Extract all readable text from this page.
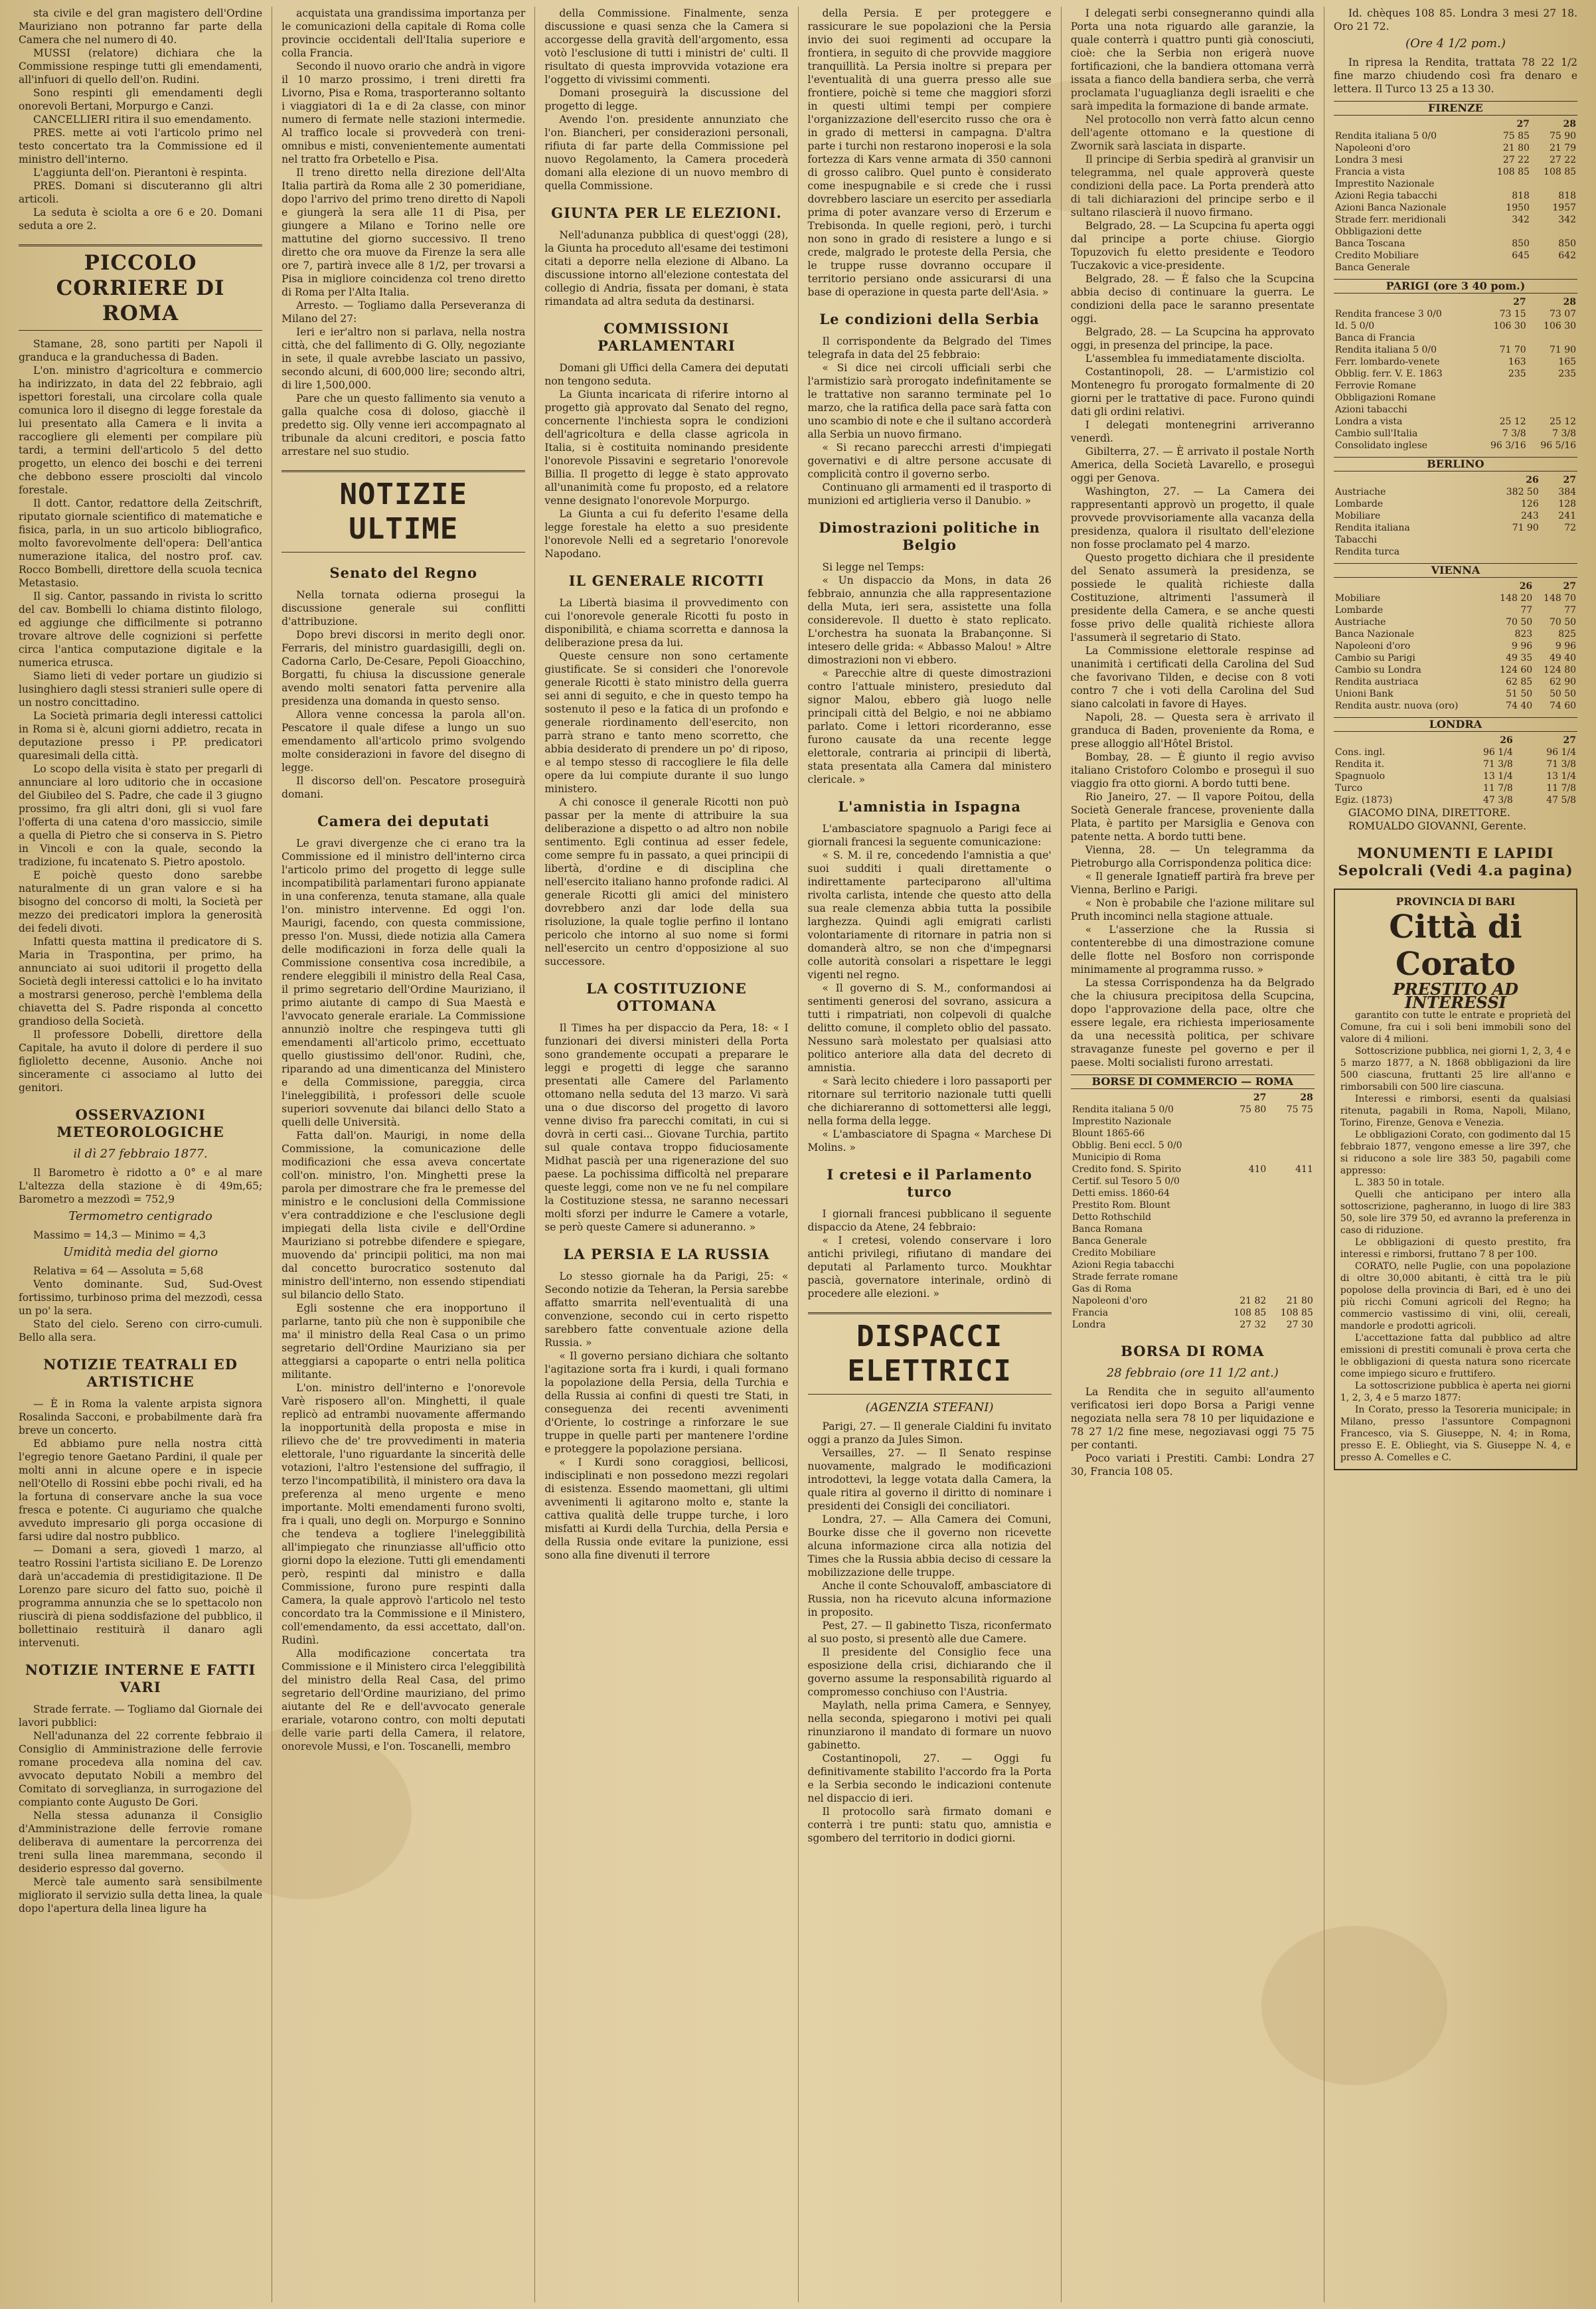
sta civile e del gran magistero dell'Ordine Mauriziano non potranno far parte della Camera che nel numero di 40.

MUSSI (relatore) dichiara che la Commissione respinge tutti gli emendamenti, all'infuori di quello dell'on. Rudini.

Sono respinti gli emendamenti degli onorevoli Bertani, Morpurgo e Canzi.

CANCELLIERI ritira il suo emendamento.

PRES. mette ai voti l'articolo primo nel testo concertato tra la Commissione ed il ministro dell'interno.

L'aggiunta dell'on. Pierantoni è respinta.

PRES. Domani si discuteranno gli altri articoli.

La seduta è sciolta a ore 6 e 20. Domani seduta a ore 2.

PICCOLO CORRIERE DI ROMA

Stamane, 28, sono partiti per Napoli il granduca e la granduchessa di Baden.

L'on. ministro d'agricoltura e commercio ha indirizzato, in data del 22 febbraio, agli ispettori forestali, una circolare colla quale comunica loro il disegno di legge forestale da lui presentato alla Camera e li invita a raccogliere gli elementi per compilare più tardi, a termini dell'articolo 5 del detto progetto, un elenco dei boschi e dei terreni che debbono essere prosciolti dal vincolo forestale.

Il dott. Cantor, redattore della Zeitschrift, riputato giornale scientifico di matematiche e fisica, parla, in un suo articolo bibliografico, molto favorevolmente dell'opera: Dell'antica numerazione italica, del nostro prof. cav. Rocco Bombelli, direttore della scuola tecnica Metastasio.

Il sig. Cantor, passando in rivista lo scritto del cav. Bombelli lo chiama distinto filologo, ed aggiunge che difficilmente si potranno trovare altrove delle cognizioni si perfette circa l'antica computazione digitale e la numerica etrusca.

Siamo lieti di veder portare un giudizio si lusinghiero dagli stessi stranieri sulle opere di un nostro concittadino.

La Società primaria degli interessi cattolici in Roma si è, alcuni giorni addietro, recata in deputazione presso i PP. predicatori quaresimali della città.

Lo scopo della visita è stato per pregarli di annunciare al loro uditorio che in occasione del Giubileo del S. Padre, che cade il 3 giugno prossimo, fra gli altri doni, gli si vuol fare l'offerta di una catena d'oro massiccio, simile a quella di Pietro che si conserva in S. Pietro in Vincoli e con la quale, secondo la tradizione, fu incatenato S. Pietro apostolo.

E poichè questo dono sarebbe naturalmente di un gran valore e si ha bisogno del concorso di molti, la Società per mezzo dei predicatori implora la generosità dei fedeli divoti.

Infatti questa mattina il predicatore di S. Maria in Traspontina, per primo, ha annunciato ai suoi uditorii il progetto della Società degli interessi cattolici e lo ha invitato a mostrarsi generoso, perchè l'emblema della chiavetta del S. Padre risponda al concetto grandioso della Società.

Il professore Dobelli, direttore della Capitale, ha avuto il dolore di perdere il suo figlioletto decenne, Ausonio. Anche noi sinceramente ci associamo al lutto dei genitori.

OSSERVAZIONI METEOROLOGICHE
il dì 27 febbraio 1877.

Il Barometro è ridotto a 0° e al mare L'altezza della stazione è di 49m,65; Barometro a mezzodì = 752,9

Termometro centigrado

Massimo = 14,3 — Minimo = 4,3

Umidità media del giorno

Relativa = 64 — Assoluta = 5,68

Vento dominante. Sud, Sud-Ovest fortissimo, turbinoso prima del mezzodì, cessa un po' la sera.

Stato del cielo. Sereno con cirro-cumuli. Bello alla sera.

NOTIZIE TEATRALI ED ARTISTICHE

— È in Roma la valente arpista signora Rosalinda Sacconi, e probabilmente darà fra breve un concerto.

Ed abbiamo pure nella nostra città l'egregio tenore Gaetano Pardini, il quale per molti anni in alcune opere e in ispecie nell'Otello di Rossini ebbe pochi rivali, ed ha la fortuna di conservare anche la sua voce fresca e potente. Ci auguriamo che qualche avveduto impresario gli porga occasione di farsi udire dal nostro pubblico.

— Domani a sera, giovedì 1 marzo, al teatro Rossini l'artista siciliano E. De Lorenzo darà un'accademia di prestidigitazione. Il De Lorenzo pare sicuro del fatto suo, poichè il programma annunzia che se lo spettacolo non riuscirà di piena soddisfazione del pubblico, il bollettinaio restituirà il danaro agli intervenuti.

NOTIZIE INTERNE E FATTI VARI

Strade ferrate. — Togliamo dal Giornale dei lavori pubblici:

Nell'adunanza del 22 corrente febbraio il Consiglio di Amministrazione delle ferrovie romane procedeva alla nomina del cav. avvocato deputato Nobili a membro del Comitato di sorveglianza, in surrogazione del compianto conte Augusto De Gori.

Nella stessa adunanza il Consiglio d'Amministrazione delle ferrovie romane deliberava di aumentare la percorrenza dei treni sulla linea maremmana, secondo il desiderio espresso dal governo.

Mercè tale aumento sarà sensibilmente migliorato il servizio sulla detta linea, la quale dopo l'apertura della linea ligure ha

acquistata una grandissima importanza per le comunicazioni della capitale di Roma colle provincie occidentali dell'Italia superiore e colla Francia.

Secondo il nuovo orario che andrà in vigore il 10 marzo prossimo, i treni diretti fra Livorno, Pisa e Roma, trasporteranno soltanto i viaggiatori di 1a e di 2a classe, con minor numero di fermate nelle stazioni intermedie. Al traffico locale si provvederà con treni-omnibus e misti, convenientemente aumentati nel tratto fra Orbetello e Pisa.

Il treno diretto nella direzione dell'Alta Italia partirà da Roma alle 2 30 pomeridiane, dopo l'arrivo del primo treno diretto di Napoli e giungerà la sera alle 11 di Pisa, per giungere a Milano e Torino nelle ore mattutine del giorno successivo. Il treno diretto che ora muove da Firenze la sera alle ore 7, partirà invece alle 8 1/2, per trovarsi a Pisa in migliore coincidenza col treno diretto di Roma per l'Alta Italia.

Arresto. — Togliamo dalla Perseveranza di Milano del 27:

Ieri e ier'altro non si parlava, nella nostra città, che del fallimento di G. Olly, negoziante in sete, il quale avrebbe lasciato un passivo, secondo alcuni, di 600,000 lire; secondo altri, di lire 1,500,000.

Pare che un questo fallimento sia venuto a galla qualche cosa di doloso, giacchè il predetto sig. Olly venne ieri accompagnato al tribunale da alcuni creditori, e poscia fatto arrestare nel suo studio.

NOTIZIE ULTIME
Senato del Regno

Nella tornata odierna prosegui la discussione generale sui conflitti d'attribuzione.

Dopo brevi discorsi in merito degli onor. Ferraris, del ministro guardasigilli, degli on. Cadorna Carlo, De-Cesare, Pepoli Gioacchino, Borgatti, fu chiusa la discussione generale avendo molti senatori fatta pervenire alla presidenza una domanda in questo senso.

Allora venne concessa la parola all'on. Pescatore il quale difese a lungo un suo emendamento all'articolo primo svolgendo molte considerazioni in favore del disegno di legge.

Il discorso dell'on. Pescatore proseguirà domani.

Camera dei deputati

Le gravi divergenze che ci erano tra la Commissione ed il ministro dell'interno circa l'articolo primo del progetto di legge sulle incompatibilità parlamentari furono appianate in una conferenza, tenuta stamane, alla quale l'on. ministro intervenne. Ed oggi l'on. Maurigi, facendo, con questa commissione, presso l'on. Mussi, diede notizia alla Camera delle modificazioni in forza delle quali la Commissione consentiva cosa incredibile, a rendere eleggibili il ministro della Real Casa, il primo segretario dell'Ordine Mauriziano, il primo aiutante di campo di Sua Maestà e l'avvocato generale erariale. La Commissione annunziò inoltre che respingeva tutti gli emendamenti all'articolo primo, eccettuato quello giustissimo dell'onor. Rudinì, che, riparando ad una dimenticanza del Ministero e della Commissione, pareggia, circa l'ineleggibilità, i professori delle scuole superiori sovvenute dai bilanci dello Stato a quelli delle Università.

Fatta dall'on. Maurigi, in nome della Commissione, la comunicazione delle modificazioni che essa aveva concertate coll'on. ministro, l'on. Minghetti prese la parola per dimostrare che fra le premesse del ministro e le conclusioni della Commissione v'era contraddizione e che l'esclusione degli impiegati della lista civile e dell'Ordine Mauriziano si potrebbe difendere e spiegare, muovendo da' principii politici, ma non mai dal concetto burocratico sostenuto dal ministro dell'interno, non essendo stipendiati sul bilancio dello Stato.

Egli sostenne che era inopportuno il parlarne, tanto più che non è supponibile che ma' il ministro della Real Casa o un primo segretario dell'Ordine Mauriziano sia per atteggiarsi a capoparte o entri nella politica militante.

L'on. ministro dell'interno e l'onorevole Varè risposero all'on. Minghetti, il quale replicò ad entrambi nuovamente affermando la inopportunità della proposta e mise in rilievo che de' tre provvedimenti in materia elettorale, l'uno riguardante la sincerità delle votazioni, l'altro l'estensione del suffragio, il terzo l'incompatibilità, il ministero ora dava la preferenza al meno urgente e meno importante. Molti emendamenti furono svolti, fra i quali, uno degli on. Morpurgo e Sonnino che tendeva a togliere l'ineleggibilità all'impiegato che rinunziasse all'ufficio otto giorni dopo la elezione. Tutti gli emendamenti però, respinti dal ministro e dalla Commissione, furono pure respinti dalla Camera, la quale approvò l'articolo nel testo concordato tra la Commissione e il Ministero, coll'emendamento, da essi accettato, dall'on. Rudinì.

Alla modificazione concertata tra Commissione e il Ministero circa l'eleggibilità del ministro della Real Casa, del primo segretario dell'Ordine mauriziano, del primo aiutante del Re e dell'avvocato generale erariale, votarono contro, con molti deputati delle varie parti della Camera, il relatore, onorevole Mussi, e l'on. Toscanelli, membro

della Commissione. Finalmente, senza discussione e quasi senza che la Camera si accorgesse della gravità dell'argomento, essa votò l'esclusione di tutti i ministri de' culti. Il risultato di questa improvvida votazione era l'oggetto di vivissimi commenti.

Domani proseguirà la discussione del progetto di legge.

Avendo l'on. presidente annunziato che l'on. Biancheri, per considerazioni personali, rifiuta di far parte della Commissione pel nuovo Regolamento, la Camera procederà domani alla elezione di un nuovo membro di quella Commissione.

GIUNTA PER LE ELEZIONI.

Nell'adunanza pubblica di quest'oggi (28), la Giunta ha proceduto all'esame dei testimoni citati a deporre nella elezione di Albano. La discussione intorno all'elezione contestata del collegio di Andria, fissata per domani, è stata rimandata ad altra seduta da destinarsi.

COMMISSIONI PARLAMENTARI

Domani gli Uffici della Camera dei deputati non tengono seduta.

La Giunta incaricata di riferire intorno al progetto già approvato dal Senato del regno, concernente l'inchiesta sopra le condizioni dell'agricoltura e della classe agricola in Italia, si è costituita nominando presidente l'onorevole Pissavini e segretario l'onorevole Billia. Il progetto di legge è stato approvato all'unanimità come fu proposto, ed a relatore venne designato l'onorevole Morpurgo.

La Giunta a cui fu deferito l'esame della legge forestale ha eletto a suo presidente l'onorevole Nelli ed a segretario l'onorevole Napodano.

IL GENERALE RICOTTI

La Libertà biasima il provvedimento con cui l'onorevole generale Ricotti fu posto in disponibilità, e chiama scorretta e dannosa la deliberazione presa da lui.

Queste censure non sono certamente giustificate. Se si consideri che l'onorevole generale Ricotti è stato ministro della guerra sei anni di seguito, e che in questo tempo ha sostenuto il peso e la fatica di un profondo e generale riordinamento dell'esercito, non parrà strano e tanto meno scorretto, che abbia desiderato di prendere un po' di riposo, e al tempo stesso di raccogliere le fila delle opere da lui compiute durante il suo lungo ministero.

A chi conosce il generale Ricotti non può passar per la mente di attribuire la sua deliberazione a dispetto o ad altro non nobile sentimento. Egli continua ad esser fedele, come sempre fu in passato, a quei principii di libertà, d'ordine e di disciplina che nell'esercito italiano hanno profonde radici. Al generale Ricotti gli amici del ministero dovrebbero anzi dar lode della sua risoluzione, la quale toglie perfino il lontano pericolo che intorno al suo nome si formi nell'esercito un centro d'opposizione al suo successore.

LA COSTITUZIONE OTTOMANA

Il Times ha per dispaccio da Pera, 18: « I funzionari dei diversi ministeri della Porta sono grandemente occupati a preparare le leggi e progetti di legge che saranno presentati alle Camere del Parlamento ottomano nella seduta del 13 marzo. Vi sarà una o due discorso del progetto di lavoro venne diviso fra parecchi comitati, in cui si dovrà in certi casi... Giovane Turchia, partito sul quale contava troppo fiduciosamente Midhat pascià per una rigenerazione del suo paese. La pochissima difficoltà nel preparare queste leggi, come non ve ne fu nel compilare la Costituzione stessa, ne saranno necessari molti sforzi per indurre le Camere a votarle, se però queste Camere si aduneranno. »

LA PERSIA E LA RUSSIA

Lo stesso giornale ha da Parigi, 25: « Secondo notizie da Teheran, la Persia sarebbe affatto smarrita nell'eventualità di una convenzione, secondo cui in certo rispetto sarebbero fatte conventuale azione della Russia. »

« Il governo persiano dichiara che soltanto l'agitazione sorta fra i kurdi, i quali formano la popolazione della Persia, della Turchia e della Russia ai confini di questi tre Stati, in conseguenza dei recenti avvenimenti d'Oriente, lo costringe a rinforzare le sue truppe in quelle parti per mantenere l'ordine e proteggere la popolazione persiana.

« I Kurdi sono coraggiosi, bellicosi, indisciplinati e non possedono mezzi regolari di esistenza. Essendo maomettani, gli ultimi avvenimenti li agitarono molto e, stante la cattiva qualità delle truppe turche, i loro misfatti ai Kurdi della Turchia, della Persia e della Russia onde evitare la punizione, essi sono alla fine divenuti il terrore

della Persia. E per proteggere e rassicurare le sue popolazioni che la Persia invio dei suoi regimenti ad occupare la frontiera, in seguito di che provvide maggiore tranquillità. La Persia inoltre si prepara per l'eventualità di una guerra presso alle sue frontiere, poichè si teme che maggiori sforzi in questi ultimi tempi per compiere l'organizzazione dell'esercito russo che ora è in grado di mettersi in campagna. D'altra parte i turchi non restarono inoperosi e la sola fortezza di Kars venne armata di 350 cannoni di grosso calibro. Quel punto è considerato come inespugnabile e si crede che i russi dovrebbero lasciare un esercito per assediarla prima di poter avanzare verso di Erzerum e Trebisonda. In quelle regioni, però, i turchi non sono in grado di resistere a lungo e si crede, malgrado le proteste della Persia, che le truppe russe dovranno occupare il territorio persiano onde assicurarsi di una base di operazione in questa parte dell'Asia. »

Le condizioni della Serbia

Il corrispondente da Belgrado del Times telegrafa in data del 25 febbraio:

« Si dice nei circoli ufficiali serbi che l'armistizio sarà prorogato indefinitamente se le trattative non saranno terminate pel 1o marzo, che la ratifica della pace sarà fatta con uno scambio di note e che il sultano accorderà alla Serbia un nuovo firmano.

« Si recano parecchi arresti d'impiegati governativi e di altre persone accusate di complicità contro il governo serbo.

Continuano gli armamenti ed il trasporto di munizioni ed artiglieria verso il Danubio. »

Dimostrazioni politiche in Belgio

Si legge nel Temps:

« Un dispaccio da Mons, in data 26 febbraio, annunzia che alla rappresentazione della Muta, ieri sera, assistette una folla considerevole. Il duetto è stato replicato. L'orchestra ha suonata la Brabançonne. Si intesero delle grida: « Abbasso Malou! » Altre dimostrazioni non vi ebbero.

« Parecchie altre di queste dimostrazioni contro l'attuale ministero, presieduto dal signor Malou, ebbero già luogo nelle principali città del Belgio, e noi ne abbiamo parlato. Come i lettori ricorderanno, esse furono causate da una recente legge elettorale, contraria ai principii di libertà, stata presentata alla Camera dal ministero clericale. »

L'amnistia in Ispagna

L'ambasciatore spagnuolo a Parigi fece ai giornali francesi la seguente comunicazione:

« S. M. il re, concedendo l'amnistia a que' suoi sudditi i quali direttamente o indirettamente parteciparono all'ultima rivolta carlista, intende che questo atto della sua reale clemenza abbia tutta la possibile larghezza. Quindi agli emigrati carlisti volontariamente di ritornare in patria non si domanderà altro, se non che d'impegnarsi colle autorità consolari a rispettare le leggi vigenti nel regno.

« Il governo di S. M., conformandosi ai sentimenti generosi del sovrano, assicura a tutti i rimpatriati, non colpevoli di qualche delitto comune, il completo oblio del passato. Nessuno sarà molestato per qualsiasi atto politico anteriore alla data del decreto di amnistia.

« Sarà lecito chiedere i loro passaporti per ritornare sul territorio nazionale tutti quelli che dichiareranno di sottomettersi alle leggi, nella forma della legge.

« L'ambasciatore di Spagna « Marchese Di Molins. »

I cretesi e il Parlamento turco

I giornali francesi pubblicano il seguente dispaccio da Atene, 24 febbraio:

« I cretesi, volendo conservare i loro antichi privilegi, rifiutano di mandare dei deputati al Parlamento turco. Moukhtar pascià, governatore interinale, ordinò di procedere alle elezioni. »

DISPACCI ELETTRICI
(AGENZIA STEFANI)

Parigi, 27. — Il generale Cialdini fu invitato oggi a pranzo da Jules Simon.

Versailles, 27. — Il Senato respinse nuovamente, malgrado le modificazioni introdottevi, la legge votata dalla Camera, la quale ritira al governo il diritto di nominare i presidenti dei Consigli dei conciliatori.

Londra, 27. — Alla Camera dei Comuni, Bourke disse che il governo non ricevette alcuna informazione circa alla notizia del Times che la Russia abbia deciso di cessare la mobilizzazione delle truppe.

Anche il conte Schouvaloff, ambasciatore di Russia, non ha ricevuto alcuna informazione in proposito.

Pest, 27. — Il gabinetto Tisza, riconfermato al suo posto, si presentò alle due Camere.

Il presidente del Consiglio fece una esposizione della crisi, dichiarando che il governo assume la responsabilità riguardo al compromesso conchiuso con l'Austria.

Maylath, nella prima Camera, e Sennyey, nella seconda, spiegarono i motivi pei quali rinunziarono il mandato di formare un nuovo gabinetto.

Costantinopoli, 27. — Oggi fu definitivamente stabilito l'accordo fra la Porta e la Serbia secondo le indicazioni contenute nel dispaccio di ieri.

Il protocollo sarà firmato domani e conterrà i tre punti: statu quo, amnistia e sgombero del territorio in dodici giorni.

I delegati serbi consegneranno quindi alla Porta una nota riguardo alle garanzie, la quale conterrà i quattro punti già conosciuti, cioè: che la Serbia non erigerà nuove fortificazioni, che la bandiera ottomana verrà issata a fianco della bandiera serba, che verrà proclamata l'uguaglianza degli israeliti e che sarà impedita la formazione di bande armate.

Nel protocollo non verrà fatto alcun cenno dell'agente ottomano e la questione di Zwornik sarà lasciata in disparte.

Il principe di Serbia spedirà al granvisir un telegramma, nel quale approverà queste condizioni della pace. La Porta prenderà atto di tali dichiarazioni del principe serbo e il sultano rilascierà il nuovo firmano.

Belgrado, 28. — La Scupcina fu aperta oggi dal principe a porte chiuse. Giorgio Topuzovich fu eletto presidente e Teodoro Tuczakovic a vice-presidente.

Belgrado, 28. — È falso che la Scupcina abbia deciso di continuare la guerra. Le condizioni della pace le saranno presentate oggi.

Belgrado, 28. — La Scupcina ha approvato oggi, in presenza del principe, la pace.

L'assemblea fu immediatamente disciolta.

Costantinopoli, 28. — L'armistizio col Montenegro fu prorogato formalmente di 20 giorni per le trattative di pace. Furono quindi dati gli ordini relativi.

I delegati montenegrini arriveranno venerdì.

Gibilterra, 27. — È arrivato il postale North America, della Società Lavarello, e proseguì oggi per Genova.

Washington, 27. — La Camera dei rappresentanti approvò un progetto, il quale provvede provvisoriamente alla vacanza della presidenza, qualora il risultato dell'elezione non fosse proclamato pel 4 marzo.

Questo progetto dichiara che il presidente del Senato assumerà la presidenza, se possiede le qualità richieste dalla Costituzione, altrimenti l'assumerà il presidente della Camera, e se anche questi fosse privo delle qualità richieste allora l'assumerà il segretario di Stato.

La Commissione elettorale respinse ad unanimità i certificati della Carolina del Sud che favorivano Tilden, e decise con 8 voti contro 7 che i voti della Carolina del Sud siano calcolati in favore di Hayes.

Napoli, 28. — Questa sera è arrivato il granduca di Baden, proveniente da Roma, e prese alloggio all'Hôtel Bristol.

Bombay, 28. — È giunto il regio avviso italiano Cristoforo Colombo e proseguì il suo viaggio fra otto giorni. A bordo tutti bene.

Rio Janeiro, 27. — Il vapore Poitou, della Società Generale francese, proveniente dalla Plata, è partito per Marsiglia e Genova con patente netta. A bordo tutti bene.

Vienna, 28. — Un telegramma da Pietroburgo alla Corrispondenza politica dice:

« Il generale Ignatieff partirà fra breve per Vienna, Berlino e Parigi.

« Non è probabile che l'azione militare sul Pruth incominci nella stagione attuale.

« L'asserzione che la Russia si contenterebbe di una dimostrazione comune delle flotte nel Bosforo non corrisponde minimamente al programma russo. »

La stessa Corrispondenza ha da Belgrado che la chiusura precipitosa della Scupcina, dopo l'approvazione della pace, oltre che essere legale, era richiesta imperiosamente da una necessità politica, per schivare stravaganze funeste pel governo e per il paese. Molti socialisti furono arrestati.

BORSE DI COMMERCIO — ROMA
	27	28
Rendita italiana 5 0/0	75 80	75 75
Imprestito Nazionale		
Blount 1865-66		
Obblig. Beni eccl. 5 0/0		
Municipio di Roma		
Credito fond. S. Spirito	410	411
Certif. sul Tesoro 5 0/0		
Detti emiss. 1860-64		
Prestito Rom. Blount		
Detto Rothschild		
Banca Romana		
Banca Generale		
Credito Mobiliare		
Azioni Regia tabacchi		
Strade ferrate romane		
Gas di Roma		
Napoleoni d'oro	21 82	21 80
Francia	108 85	108 85
Londra	27 32	27 30
BORSA DI ROMA
28 febbraio (ore 11 1/2 ant.)

La Rendita che in seguito all'aumento verificatosi ieri dopo Borsa a Parigi venne negoziata nella sera 78 10 per liquidazione e 78 27 1/2 fine mese, negoziavasi oggi 75 75 per contanti.

Poco variati i Prestiti. Cambi: Londra 27 30, Francia 108 05.

Id. chèques 108 85. Londra 3 mesi 27 18. Oro 21 72.

(Ore 4 1/2 pom.)

In ripresa la Rendita, trattata 78 22 1/2 fine marzo chiudendo così fra denaro e lettera. Il Turco 13 25 a 13 30.

FIRENZE
	27	28
Rendita italiana 5 0/0	75 85	75 90
Napoleoni d'oro	21 80	21 79
Londra 3 mesi	27 22	27 22
Francia a vista	108 85	108 85
Imprestito Nazionale		
Azioni Regia tabacchi	818	818
Azioni Banca Nazionale	1950	1957
Strade ferr. meridionali	342	342
Obbligazioni dette		
Banca Toscana	850	850
Credito Mobiliare	645	642
Banca Generale		
PARIGI (ore 3 40 pom.)
	27	28
Rendita francese 3 0/0	73 15	73 07
Id. 5 0/0	106 30	106 30
Banca di Francia		
Rendita italiana 5 0/0	71 70	71 90
Ferr. lombardo-venete	163	165
Obblig. ferr. V. E. 1863	235	235
Ferrovie Romane		
Obbligazioni Romane		
Azioni tabacchi		
Londra a vista	25 12	25 12
Cambio sull'Italia	7 3/8	7 3/8
Consolidato inglese	96 3/16	96 5/16
BERLINO
	26	27
Austriache	382 50	384
Lombarde	126	128
Mobiliare	243	241
Rendita italiana	71 90	72
Tabacchi		
Rendita turca		
VIENNA
	26	27
Mobiliare	148 20	148 70
Lombarde	77	77
Austriache	70 50	70 50
Banca Nazionale	823	825
Napoleoni d'oro	9 96	9 96
Cambio su Parigi	49 35	49 40
Cambio su Londra	124 60	124 80
Rendita austriaca	62 85	62 90
Unioni Bank	51 50	50 50
Rendita austr. nuova (oro)	74 40	74 60
LONDRA
	26	27
Cons. ingl.	96 1/4	96 1/4
Rendita it.	71 3/8	71 3/8
Spagnuolo	13 1/4	13 1/4
Turco	11 7/8	11 7/8
Egiz. (1873)	47 3/8	47 5/8

GIACOMO DINA, DIRETTORE.

ROMUALDO GIOVANNI, Gerente.

MONUMENTI E LAPIDI Sepolcrali (Vedi 4.a pagina)
PROVINCIA DI BARI
Città di Corato
PRESTITO AD INTERESSI

garantito con tutte le entrate e proprietà del Comune, fra cui i soli beni immobili sono del valore di 4 milioni.

Sottoscrizione pubblica, nei giorni 1, 2, 3, 4 e 5 marzo 1877, a N. 1868 obbligazioni da lire 500 ciascuna, fruttanti 25 lire all'anno e rimborsabili con 500 lire ciascuna.

Interessi e rimborsi, esenti da qualsiasi ritenuta, pagabili in Roma, Napoli, Milano, Torino, Firenze, Genova e Venezia.

Le obbligazioni Corato, con godimento dal 15 febbraio 1877, vengono emesse a lire 397, che si riducono a sole lire 383 50, pagabili come appresso:

L. 383 50 in totale.

Quelli che anticipano per intero alla sottoscrizione, pagheranno, in luogo di lire 383 50, sole lire 379 50, ed avranno la preferenza in caso di riduzione.

Le obbligazioni di questo prestito, fra interessi e rimborsi, fruttano 7 8 per 100.

CORATO, nelle Puglie, con una popolazione di oltre 30,000 abitanti, è città tra le più popolose della provincia di Bari, ed è uno dei più ricchi Comuni agricoli del Regno; ha commercio vastissimo di vini, olii, cereali, mandorle e prodotti agricoli.

L'accettazione fatta dal pubblico ad altre emissioni di prestiti comunali è prova certa che le obbligazioni di questa natura sono ricercate come impiego sicuro e fruttifero.

La sottoscrizione pubblica è aperta nei giorni 1, 2, 3, 4 e 5 marzo 1877:

In Corato, presso la Tesoreria municipale; in Milano, presso l'assuntore Compagnoni Francesco, via S. Giuseppe, N. 4; in Roma, presso E. E. Oblieght, via S. Giuseppe N. 4, e presso A. Comelles e C.
